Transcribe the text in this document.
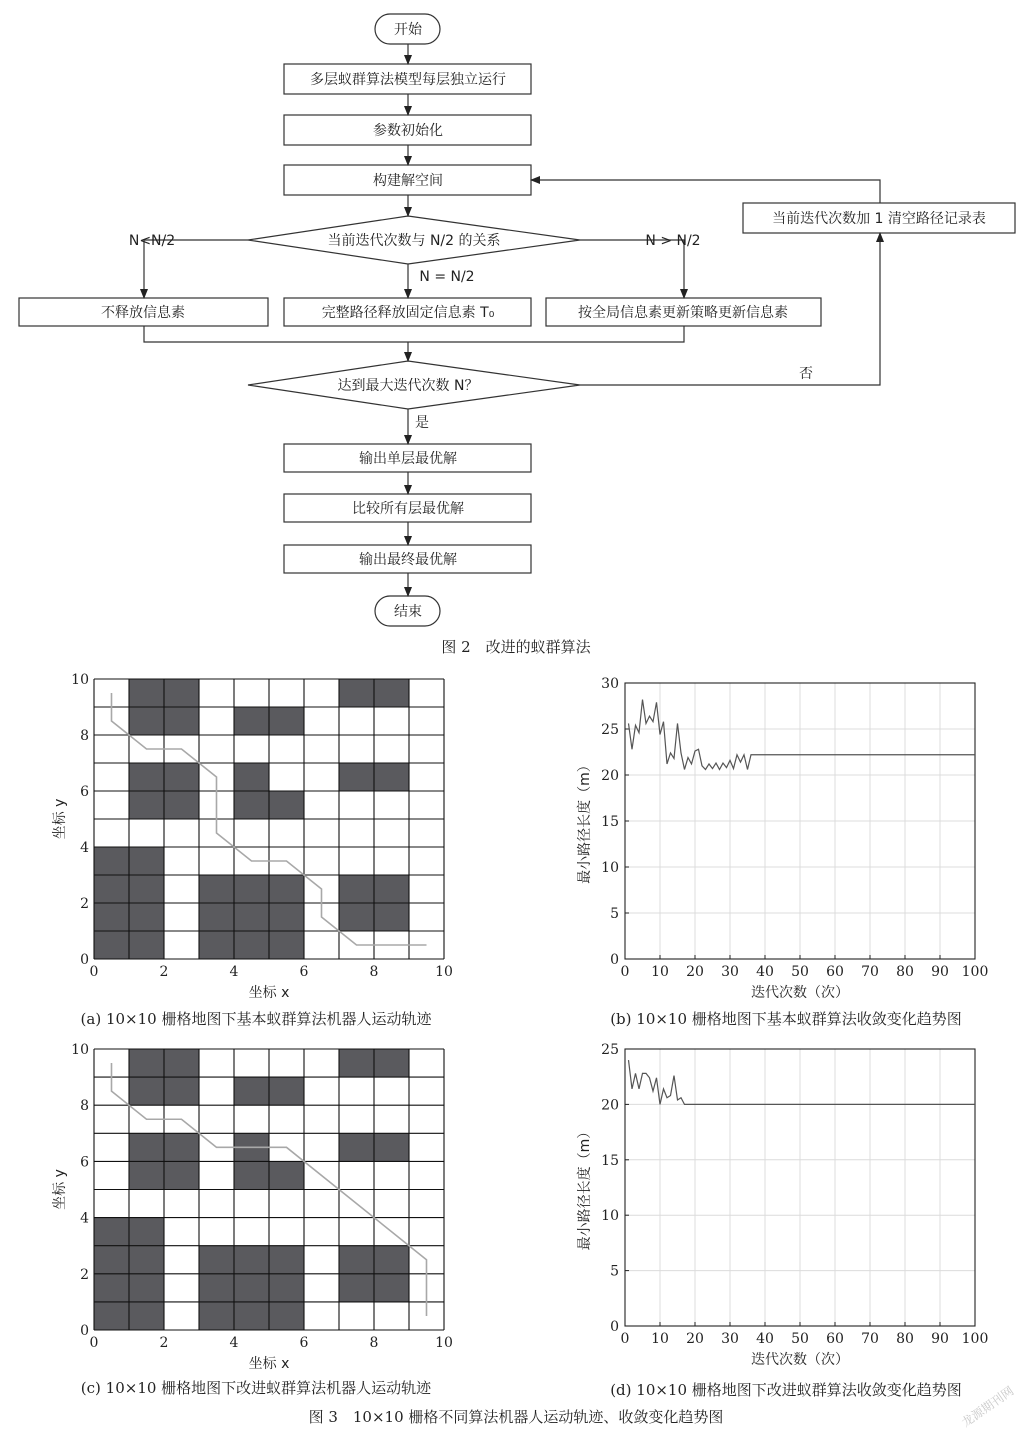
开始
多层蚁群算法模型每层独立运行
参数初始化
构建解空间
当前迭代次数与 N/2 的关系
N<N/2
N = N/2
N > N/2
不释放信息素	完整路径释放固定信息素 T₀	按全局信息素更新策略更新信息素
当前迭代次数加 1 清空路径记录表
达到最大迭代次数 N？
否
是
输出单层最优解
比较所有层最优解
输出最终最优解
结束
图 2　改进的蚁群算法
0	2	4	6	8	10
0
2
4
6
8
10
坐标 x
坐标 y
0 10 20 30 40 50 60 70 80 90 100
0
5
10
15
20
25
30
迭代次数（次）
最小路径长度（m）
0	2	4	6	8	10
0
2
4
6
8
10
坐标 x
坐标 y
0 10 20 30 40 50 60 70 80 90 100
0
5
10
15
20
25
迭代次数（次）
最小路径长度（m）
(a) 10×10 栅格地图下基本蚁群算法机器人运动轨迹	(b) 10×10 栅格地图下基本蚁群算法收敛变化趋势图
(c) 10×10 栅格地图下改进蚁群算法机器人运动轨迹	(d) 10×10 栅格地图下改进蚁群算法收敛变化趋势图
图 3　10×10 栅格不同算法机器人运动轨迹、收敛变化趋势图	龙源期刊网
